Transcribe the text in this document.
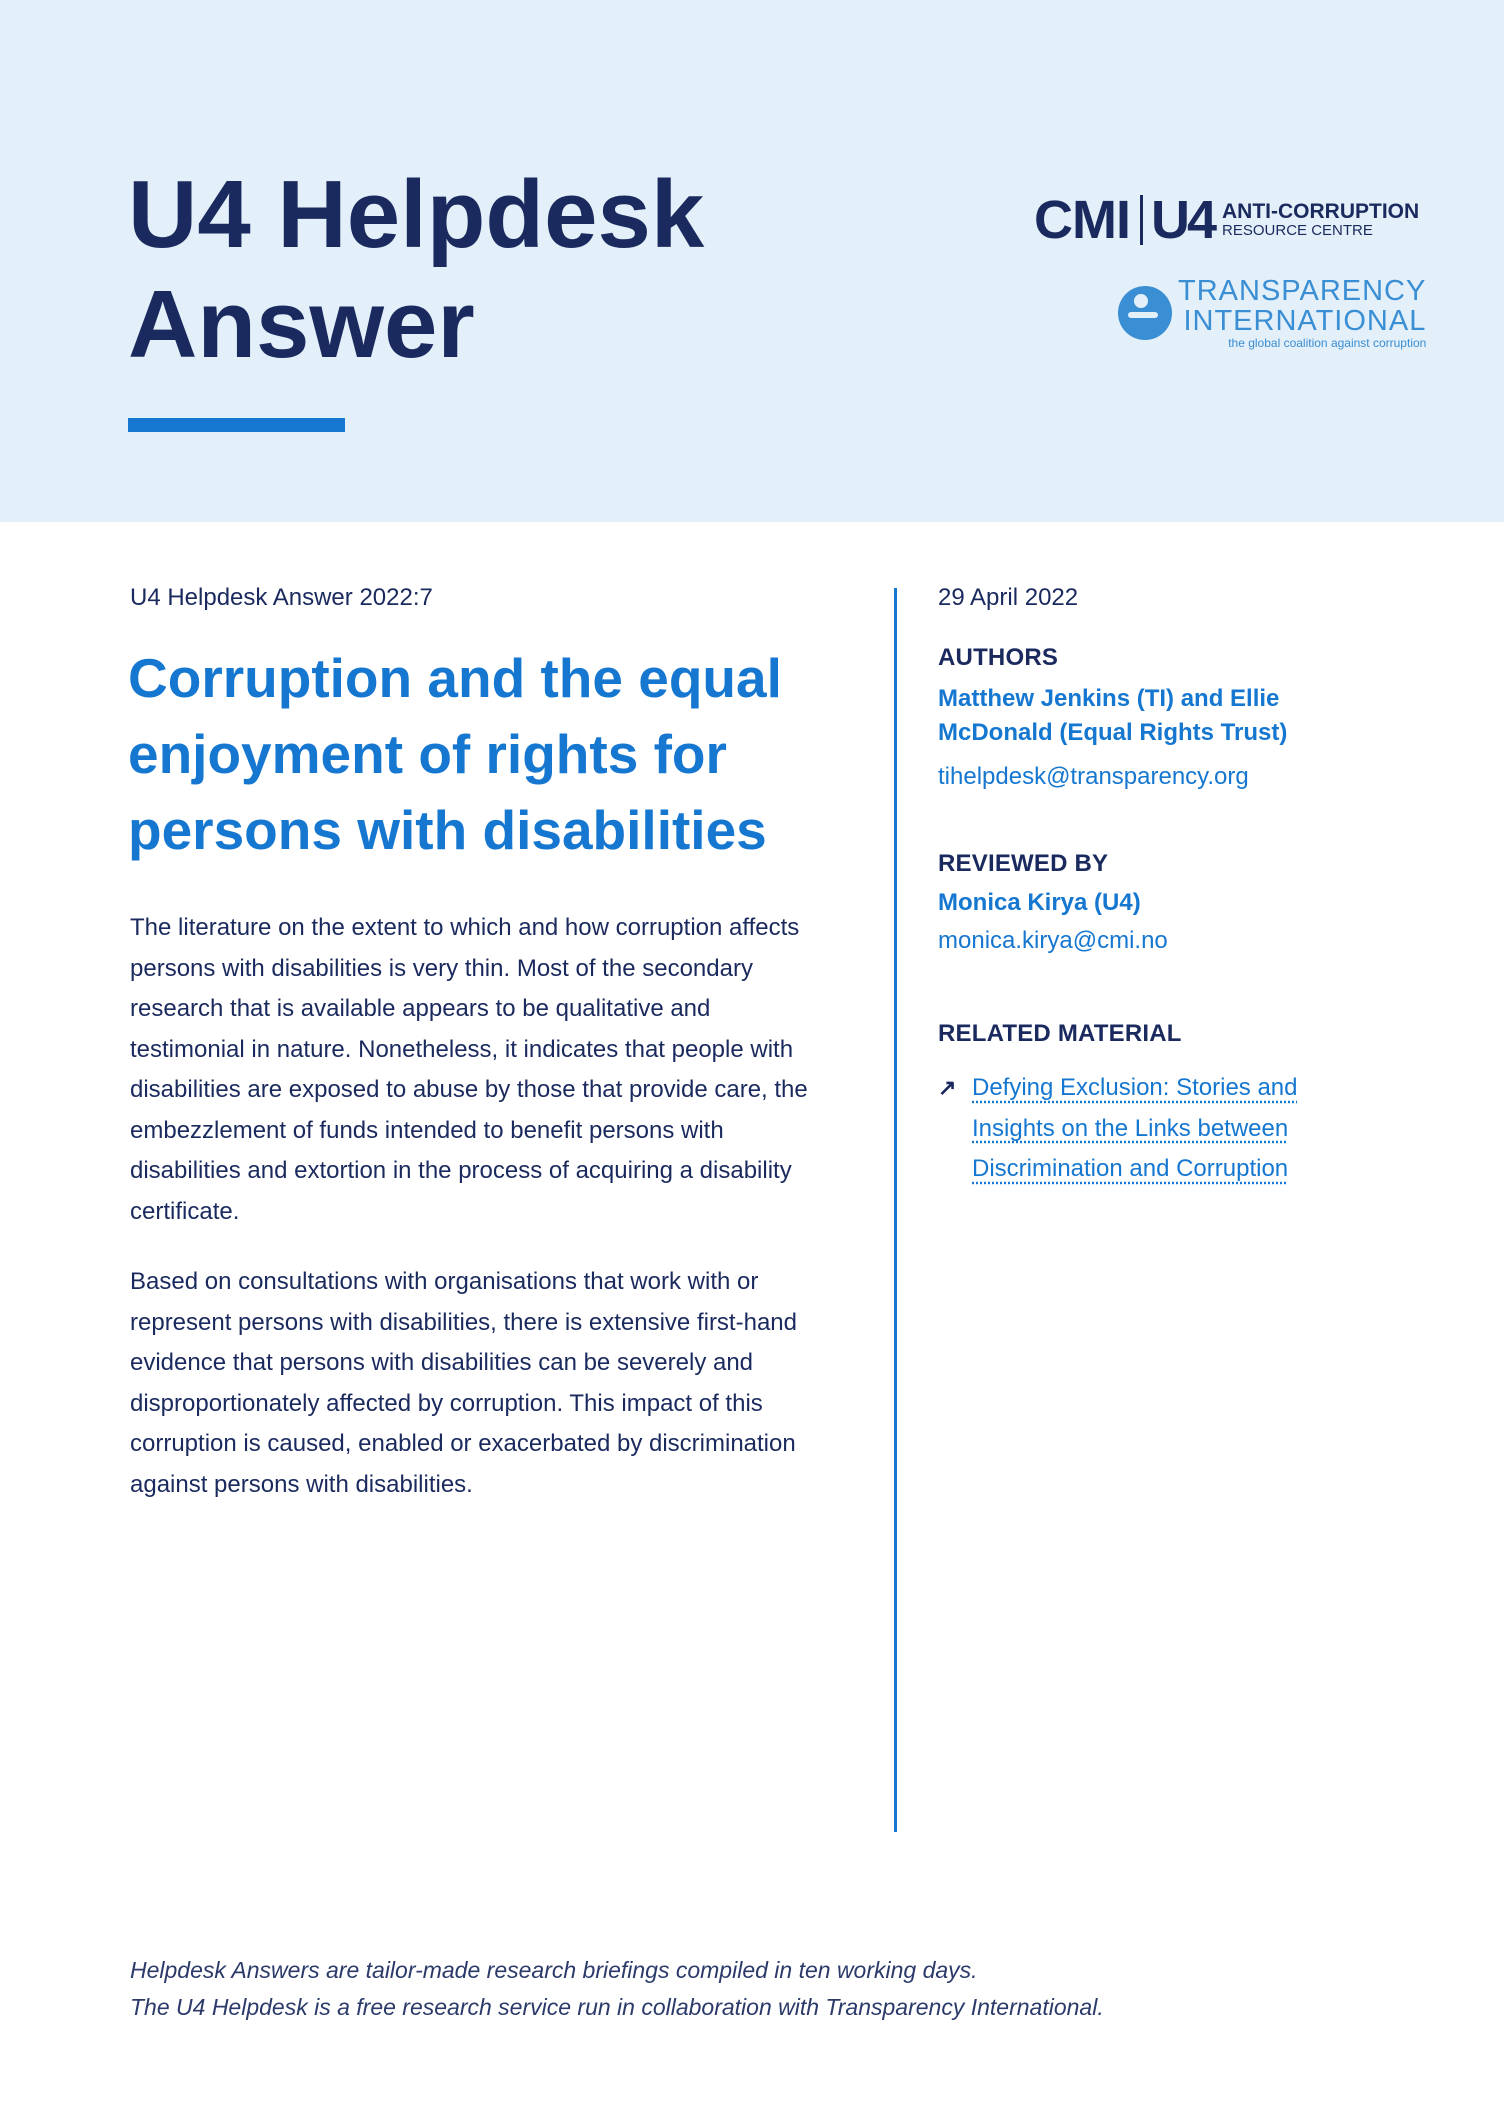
U4 Helpdesk
Answer
CMI U4 ANTI-CORRUPTION
RESOURCE CENTRE
TRANSPARENCY
INTERNATIONAL
the global coalition against corruption
U4 Helpdesk Answer 2022:7
Corruption and the equal
enjoyment of rights for
persons with disabilities

The literature on the extent to which and how corruption affects persons with disabilities is very thin. Most of the secondary research that is available appears to be qualitative and testimonial in nature. Nonetheless, it indicates that people with disabilities are exposed to abuse by those that provide care, the embezzlement of funds intended to benefit persons with disabilities and extortion in the process of acquiring a disability certificate.

Based on consultations with organisations that work with or represent persons with disabilities, there is extensive first-hand evidence that persons with disabilities can be severely and disproportionately affected by corruption. This impact of this corruption is caused, enabled or exacerbated by discrimination against persons with disabilities.

29 April 2022

AUTHORS

Matthew Jenkins (TI) and Ellie McDonald (Equal Rights Trust)
tihelpdesk@transparency.org

REVIEWED BY

Monica Kirya (U4)
monica.kirya@cmi.no

RELATED MATERIAL

↗ Defying Exclusion: Stories and Insights on the Links between Discrimination and Corruption
Helpdesk Answers are tailor-made research briefings compiled in ten working days.
The U4 Helpdesk is a free research service run in collaboration with Transparency International.
